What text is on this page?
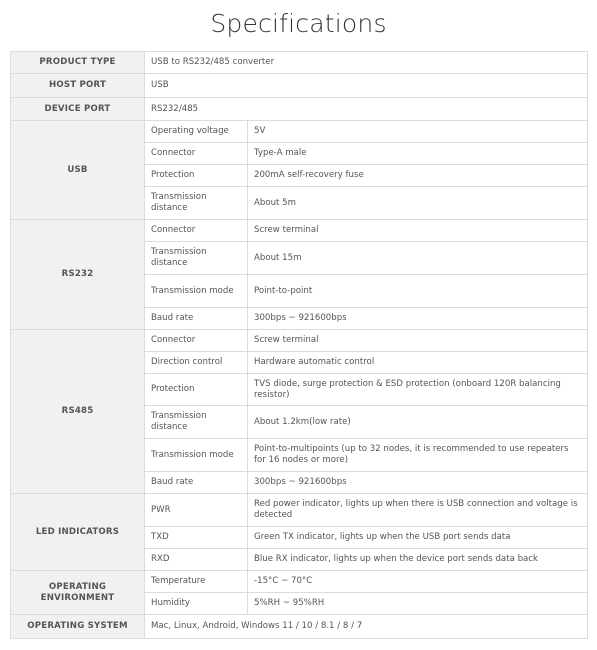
Specifications
PRODUCT TYPE	USB to RS232/485 converter	
HOST PORT	USB	
DEVICE PORT	RS232/485	
USB	Operating voltage	5V
	Connector	Type-A male
	Protection	200mA self-recovery fuse
	Transmission distance	About 5m
RS232	Connector	Screw terminal
	Transmission distance	About 15m
	Transmission mode	Point-to-point
	Baud rate	300bps ~ 921600bps
RS485	Connector	Screw terminal
	Direction control	Hardware automatic control
	Protection	TVS diode, surge protection & ESD protection (onboard 120R balancing resistor)
	Transmission distance	About 1.2km(low rate)
	Transmission mode	Point-to-multipoints (up to 32 nodes, it is recommended to use repeaters for 16 nodes or more)
	Baud rate	300bps ~ 921600bps
LED INDICATORS	PWR	Red power indicator, lights up when there is USB connection and voltage is detected
	TXD	Green TX indicator, lights up when the USB port sends data
	RXD	Blue RX indicator, lights up when the device port sends data back
OPERATING ENVIRONMENT	Temperature	-15°C ~ 70°C
	Humidity	5%RH ~ 95%RH
OPERATING SYSTEM	Mac, Linux, Android, Windows 11 / 10 / 8.1 / 8 / 7	
